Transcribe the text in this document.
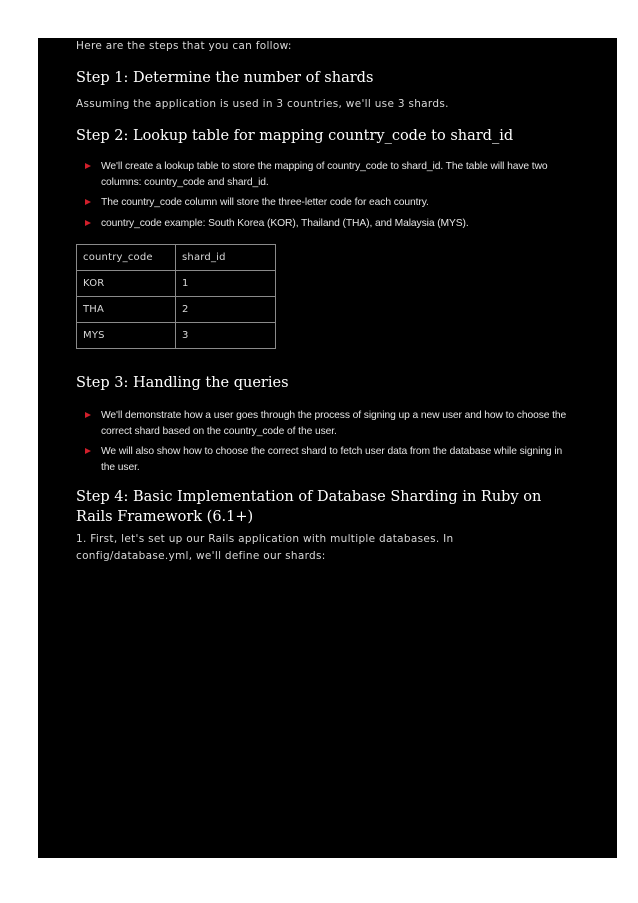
Here are the steps that you can follow:
Step 1: Determine the number of shards

Assuming the application is used in 3 countries, we'll use 3 shards.

Step 2: Lookup table for mapping country_code to shard_id
We'll create a lookup table to store the mapping of country_code to shard_id. The table will have two columns: country_code and shard_id.
The country_code column will store the three-letter code for each country.
country_code example: South Korea (KOR), Thailand (THA), and Malaysia (MYS).
country_code	shard_id
KOR	1
THA	2
MYS	3
Step 3: Handling the queries
We'll demonstrate how a user goes through the process of signing up a new user and how to choose the correct shard based on the country_code of the user.
We will also show how to choose the correct shard to fetch user data from the database while signing in the user.
Step 4: Basic Implementation of Database Sharding in Ruby on Rails Framework (6.1+)

1. First, let's set up our Rails application with multiple databases. In config/database.yml, we'll define our shards:
